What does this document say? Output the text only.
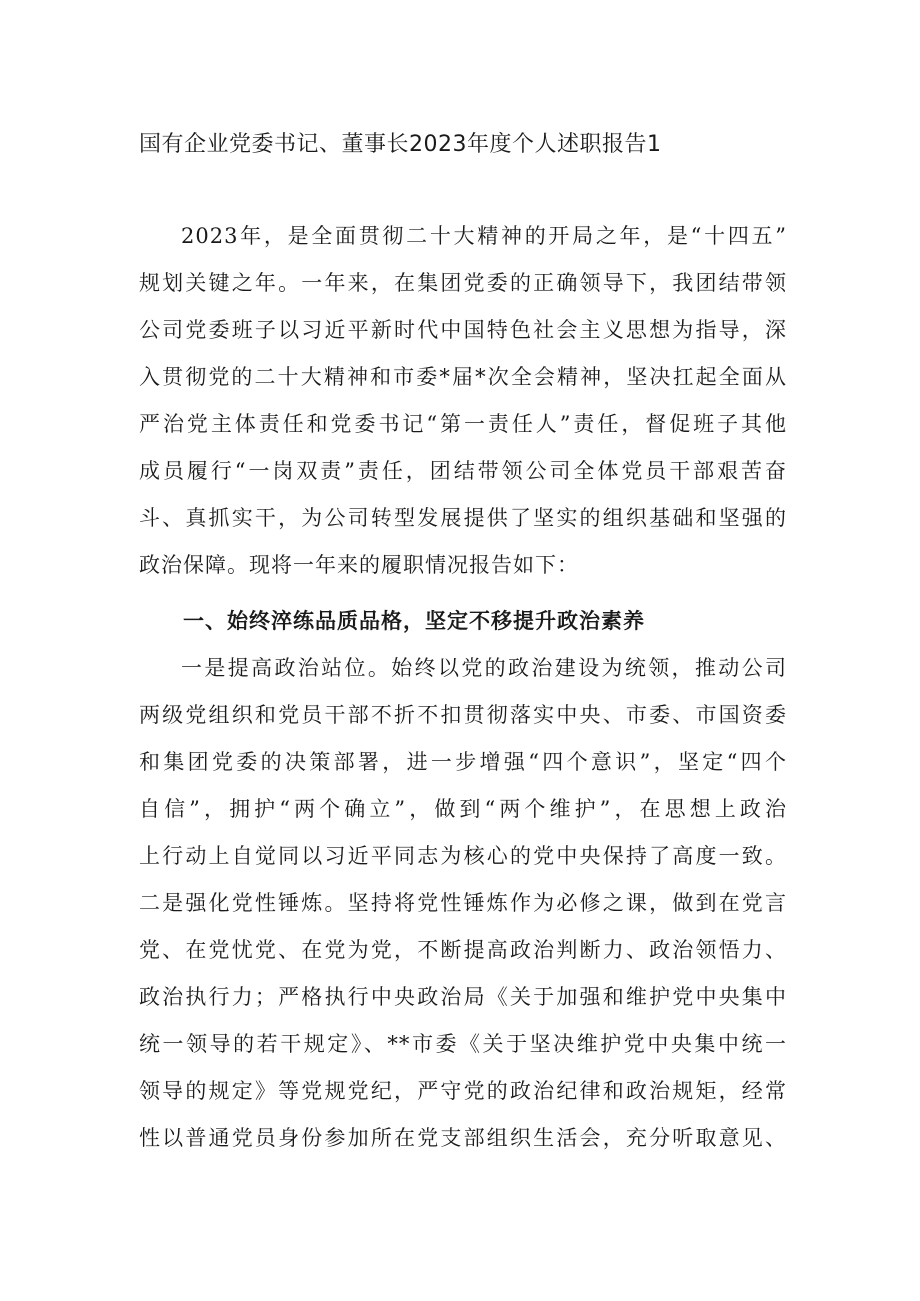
国有企业党委书记、董事长2023年度个人述职报告1
2023年，是全面贯彻二十大精神的开局之年，是“十四五”
规划关键之年。一年来，在集团党委的正确领导下，我团结带领
公司党委班子以习近平新时代中国特色社会主义思想为指导，深
入贯彻党的二十大精神和市委*届*次全会精神，坚决扛起全面从
严治党主体责任和党委书记“第一责任人”责任，督促班子其他
成员履行“一岗双责”责任，团结带领公司全体党员干部艰苦奋
斗、真抓实干，为公司转型发展提供了坚实的组织基础和坚强的
政治保障。现将一年来的履职情况报告如下：
一、始终淬练品质品格，坚定不移提升政治素养
一是提高政治站位。始终以党的政治建设为统领，推动公司
两级党组织和党员干部不折不扣贯彻落实中央、市委、市国资委
和集团党委的决策部署，进一步增强“四个意识”，坚定“四个
自信”，拥护“两个确立”，做到“两个维护”，在思想上政治
上行动上自觉同以习近平同志为核心的党中央保持了高度一致。
二是强化党性锤炼。坚持将党性锤炼作为必修之课，做到在党言
党、在党忧党、在党为党，不断提高政治判断力、政治领悟力、
政治执行力；严格执行中央政治局《关于加强和维护党中央集中
统一领导的若干规定》、**市委《关于坚决维护党中央集中统一
领导的规定》等党规党纪，严守党的政治纪律和政治规矩，经常
性以普通党员身份参加所在党支部组织生活会，充分听取意见、
